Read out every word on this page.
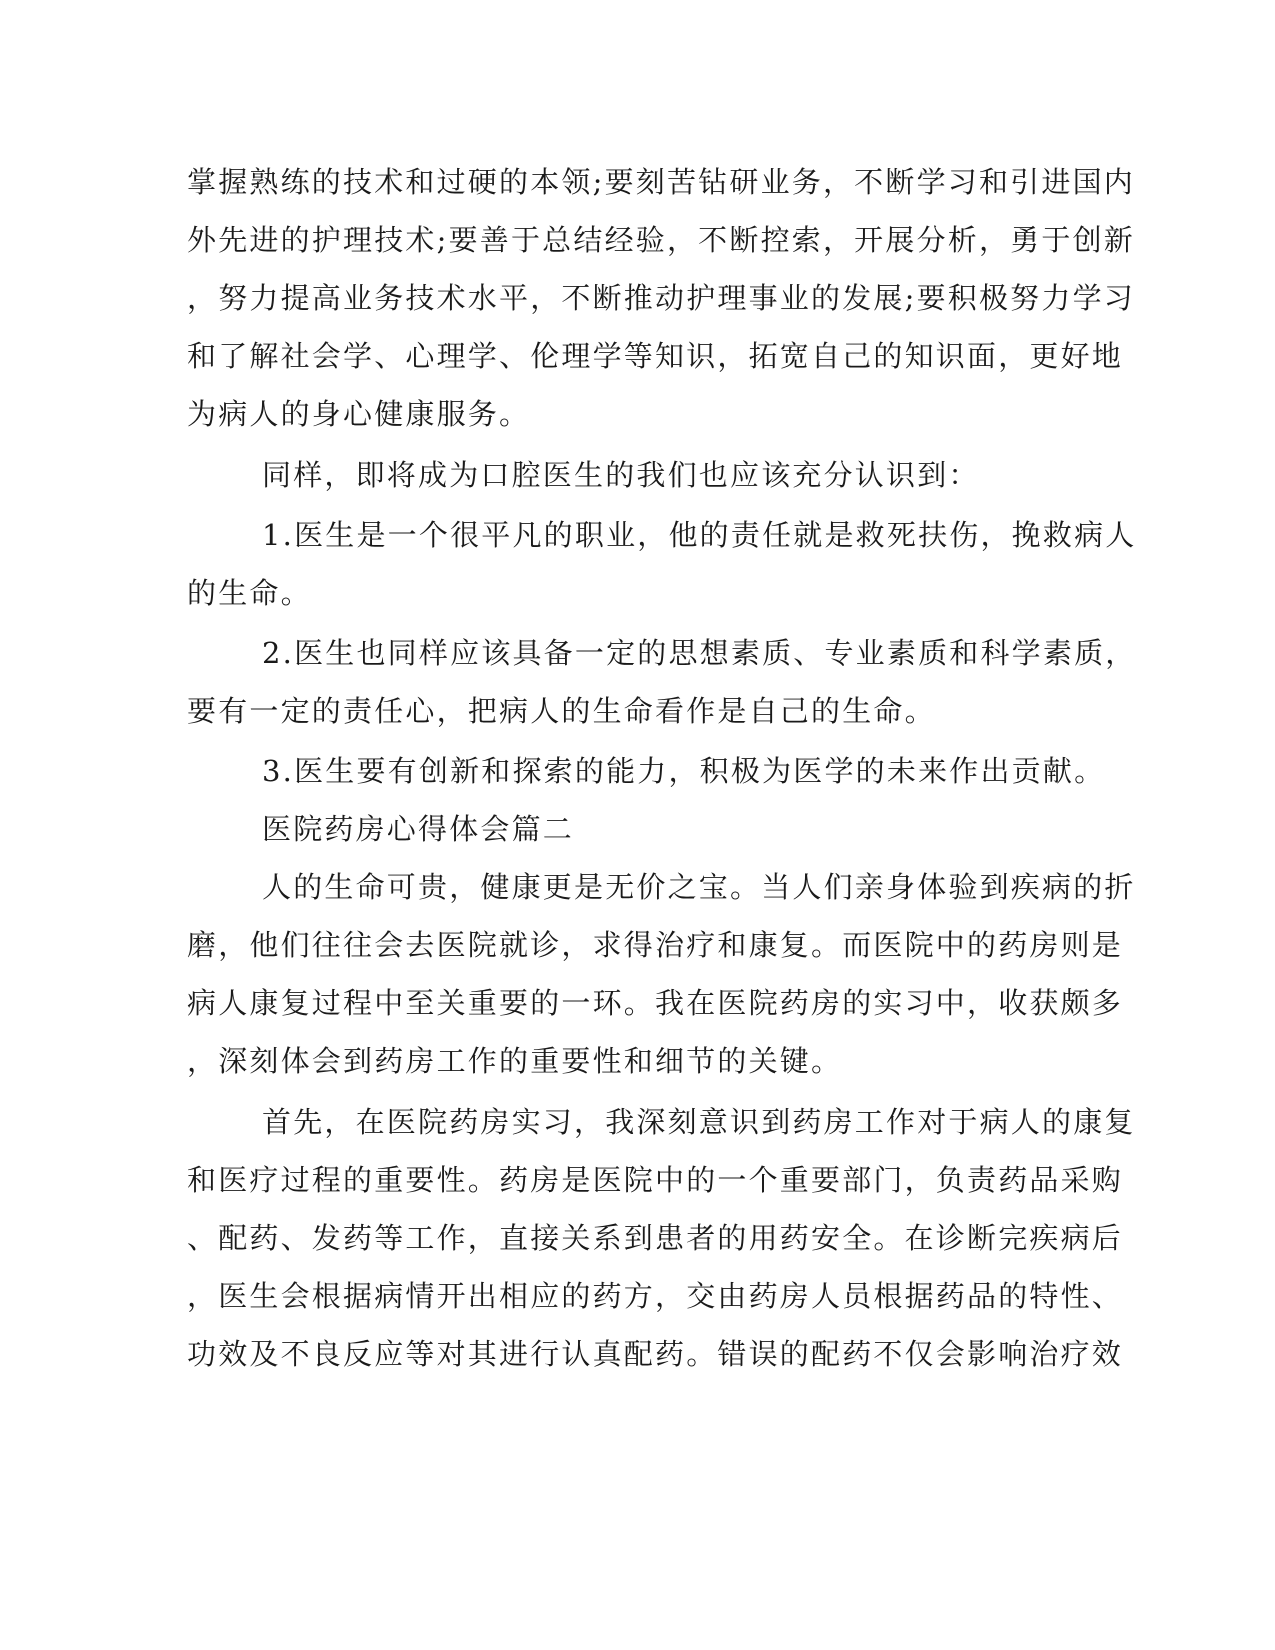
掌握熟练的技术和过硬的本领;要刻苦钻研业务，不断学习和引进国内

外先进的护理技术;要善于总结经验，不断控索，开展分析，勇于创新

，努力提高业务技术水平，不断推动护理事业的发展;要积极努力学习

和了解社会学、心理学、伦理学等知识，拓宽自己的知识面，更好地

为病人的身心健康服务。

同样，即将成为口腔医生的我们也应该充分认识到：

1.医生是一个很平凡的职业，他的责任就是救死扶伤，挽救病人

的生命。

2.医生也同样应该具备一定的思想素质、专业素质和科学素质，

要有一定的责任心，把病人的生命看作是自己的生命。

3.医生要有创新和探索的能力，积极为医学的未来作出贡献。

医院药房心得体会篇二

人的生命可贵，健康更是无价之宝。当人们亲身体验到疾病的折

磨，他们往往会去医院就诊，求得治疗和康复。而医院中的药房则是

病人康复过程中至关重要的一环。我在医院药房的实习中，收获颇多

，深刻体会到药房工作的重要性和细节的关键。

首先，在医院药房实习，我深刻意识到药房工作对于病人的康复

和医疗过程的重要性。药房是医院中的一个重要部门，负责药品采购

、配药、发药等工作，直接关系到患者的用药安全。在诊断完疾病后

，医生会根据病情开出相应的药方，交由药房人员根据药品的特性、

功效及不良反应等对其进行认真配药。错误的配药不仅会影响治疗效
